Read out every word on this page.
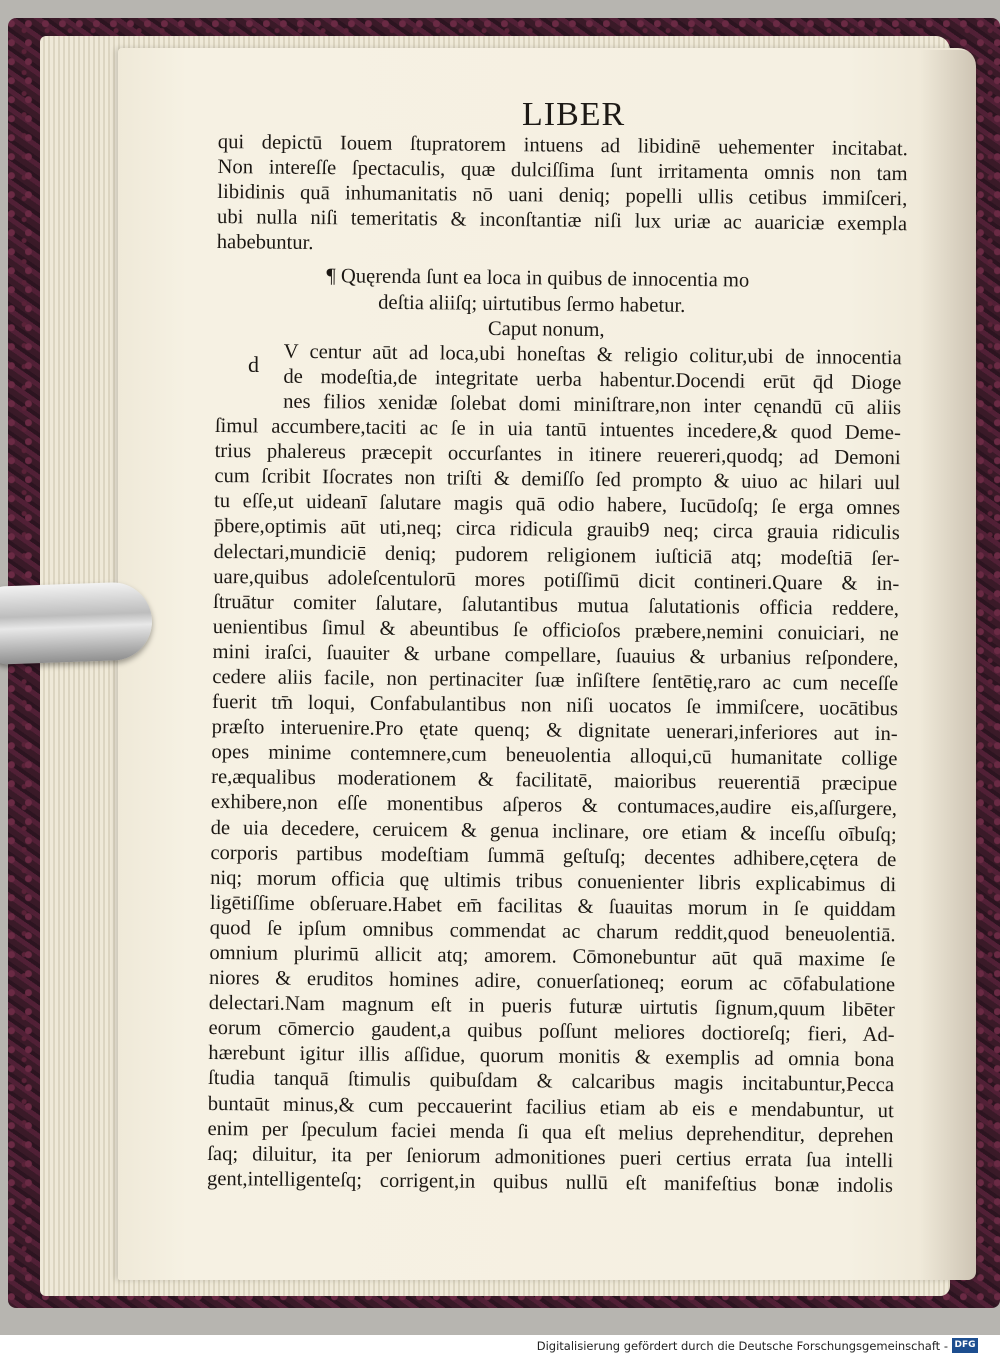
LIBER
d
qui depictū Iouem ſtupratorem intuens ad libidinē uehementer incitabat.
Non intereſſe ſpectaculis, quæ dulciſſima ſunt irritamenta omnis non tam
libidinis quā inhumanitatis nō uani deniq; popelli ullis cetibus immiſceri,
ubi nulla niſi temeritatis & inconſtantiæ niſi lux uriæ ac auariciæ exempla
habebuntur.
¶ Quęrenda ſunt ea loca in quibus de innocentia mo
deſtia aliiſq; uirtutibus ſermo habetur.
Caput nonum,
V centur aūt ad loca,ubi honeſtas & religio colitur,ubi de innocentia
de modeſtia,de integritate uerba habentur.Docendi erūt q̄d Dioge
nes filios xenidæ ſolebat domi miniſtrare,non inter cęnandū cū aliis
ſimul accumbere,taciti ac ſe in uia tantū intuentes incedere,& quod Deme-
trius phalereus præcepit occurſantes in itinere reuereri,quodq; ad Demoni
cum ſcribit Iſocrates non triſti & demiſſo ſed prompto & uiuo ac hilari uul
tu eſſe,ut uideanī ſalutare magis quā odio habere, Iucūdoſq; ſe erga omnes
p̄bere,optimis aūt uti,neq; circa ridicula grauib9 neq; circa grauia ridiculis
delectari,mundiciē deniq; pudorem religionem iuſticiā atq; modeſtiā ſer-
uare,quibus adoleſcentulorū mores potiſſimū dicit contineri.Quare & in-
ſtruātur comiter ſalutare, ſalutantibus mutua ſalutationis officia reddere,
uenientibus ſimul & abeuntibus ſe officioſos præbere,nemini conuiciari, ne
mini iraſci, ſuauiter & urbane compellare, ſuauius & urbanius reſpondere,
cedere aliis facile, non pertinaciter ſuæ inſiſtere ſentētię,raro ac cum neceſſe
fuerit tm̄ loqui, Confabulantibus non niſi uocatos ſe immiſcere, uocātibus
præſto interuenire.Pro ętate quenq; & dignitate uenerari,inferiores aut in-
opes minime contemnere,cum beneuolentia alloqui,cū humanitate collige
re,æqualibus moderationem & facilitatē, maioribus reuerentiā præcipue
exhibere,non eſſe monentibus aſperos & contumaces,audire eis,aſſurgere,
de uia decedere, ceruicem & genua inclinare, ore etiam & inceſſu oībuſq;
corporis partibus modeſtiam ſummā geſtuſq; decentes adhibere,cętera de
niq; morum officia quę ultimis tribus conuenienter libris explicabimus di
ligētiſſime obſeruare.Habet em̄ facilitas & ſuauitas morum in ſe quiddam
quod ſe ipſum omnibus commendat ac charum reddit,quod beneuolentiā.
omnium plurimū allicit atq; amorem. Cōmonebuntur aūt quā maxime ſe
niores & eruditos homines adire, conuerſationeq; eorum ac cōfabulatione
delectari.Nam magnum eſt in pueris futuræ uirtutis ſignum,quum libēter
eorum cōmercio gaudent,a quibus poſſunt meliores doctioreſq; fieri, Ad-
hærebunt igitur illis aſſidue, quorum monitis & exemplis ad omnia bona
ſtudia tanquā ſtimulis quibuſdam & calcaribus magis incitabuntur,Pecca
buntaūt minus,& cum peccauerint facilius etiam ab eis e mendabuntur, ut
enim per ſpeculum faciei menda ſi qua eſt melius deprehenditur, deprehen
ſaq; diluitur, ita per ſeniorum admonitiones pueri certius errata ſua intelli
gent,intelligenteſq; corrigent,in quibus nullū eſt manifeſtius bonæ indolis
Digitalisierung gefördert durch die Deutsche Forschungsgemeinschaft - DFG
